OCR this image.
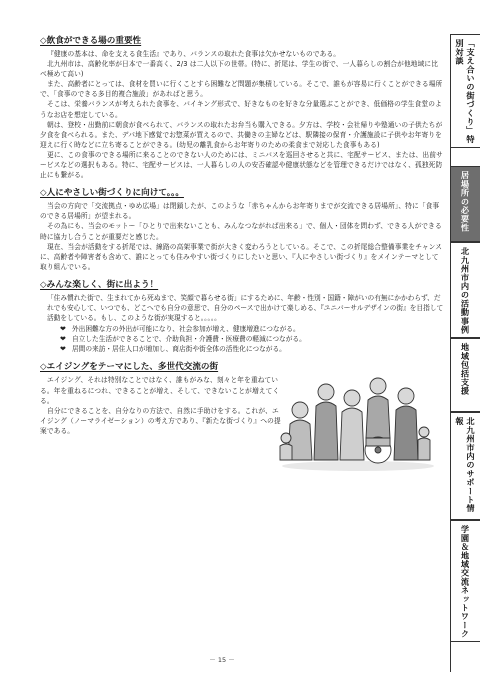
◇飲食ができる場の重要性

『健康の基本は、命を支える食生活』であり、バランスの取れた食事は欠かせないものである。

北九州市は、高齢化率が日本で一番高く、2/3 は二人以下の世帯。(特に、折尾は、学生の街で、一人暮らしの割合が他地域に比べ極めて高い)

また、高齢者にとっては、食材を買いに行くことすら困難など問題が集積している。そこで、誰もが容易に行くことができる場所で、「食事のできる多目的複合施設」があればと思う。

そこは、栄養バランスが考えられた食事を、バイキング形式で、好きなものを好きな分量選ぶことができ、低価格の学生食堂のようなお店を想定している。

朝は、登校・出勤前に朝食が食べられて、バランスの取れたお弁当も購入できる。夕方は、学校・会社帰りや塾通いの子供たちが夕食を食べられる。また、デパ地下感覚でお惣菜が買えるので、共働きの主婦などは、駅隣接の保育・介護施設に子供やお年寄りを迎えに行く時などに立ち寄ることができる。(幼児の離乳食からお年寄りのための柔食まで対応した食事もある)

更に、この食事のできる場所に来ることのできない人のためには、ミニバスを巡回させると共に、宅配サービス、または、出前サービスなどの選択もある。特に、宅配サービスは、一人暮らしの人の安否確認や健康状態などを管理できるだけではなく、孤独死防止にも繋がる。

◇人にやさしい街づくりに向けて。。。

当会の方向で「交流拠点・ゆめ広場」は閉鎖したが、このような「赤ちゃんからお年寄りまでが交流できる居場所」、特に「食事のできる居場所」が望まれる。

その為にも、当会のモットー「ひとりで出来ないことも、みんなつながれば出来る」で、個人・団体を問わず、できる人ができる時に協力し合うことが重要だと感じた。

現在、当会が活動をする折尾では、線路の高架事業で街が大きく変わろうとしている。そこで、この折尾総合整備事業をチャンスに、高齢者や障害者も含めて、誰にとっても住みやすい街づくりにしたいと思い、『人にやさしい街づくり』をメインテーマとして取り組んでいる。

◇みんな楽しく、街に出よう！

「住み慣れた街で、生まれてから死ぬまで、笑顔で暮らせる街」にするために、年齢・性別・国籍・障がいの有無にかかわらず、だれでも安心して、いつでも、どこへでも自分の意思で、自分のペースで出かけて楽しめる、『ユニバーサルデザインの街』を目指して活動をしている。もし、このような街が実現すると。。。。。

❤ 外出困難な方の外出が可能になり、社会参加が増え、健康増進につながる。
❤ 自立した生活ができることで、介助負担・介護費・医療費の軽減につながる。
❤ 居間の来訪・居住人口が増加し、商店街や街全体の活性化につながる。
◇エイジングをテーマにした、多世代交流の街

エイジング、それは特別なことではなく、誰もがみな、刻々と年を重ねている。年を重ねるにつれ、できることが増え、そして、できないことが増えてくる。

自分にできることを、自分なりの方法で、自然に手助けをする。これが、エイジング（ノーマライゼーション）の考え方であり、『新たな街づくり』への提案である。

－ 15 －
「支え合いの街づくり」特別対談
居場所の必要性
北九州市内の活動事例
地域包括支援
北九州市内のサポート情報
学園＆地域交流ネットワーク
